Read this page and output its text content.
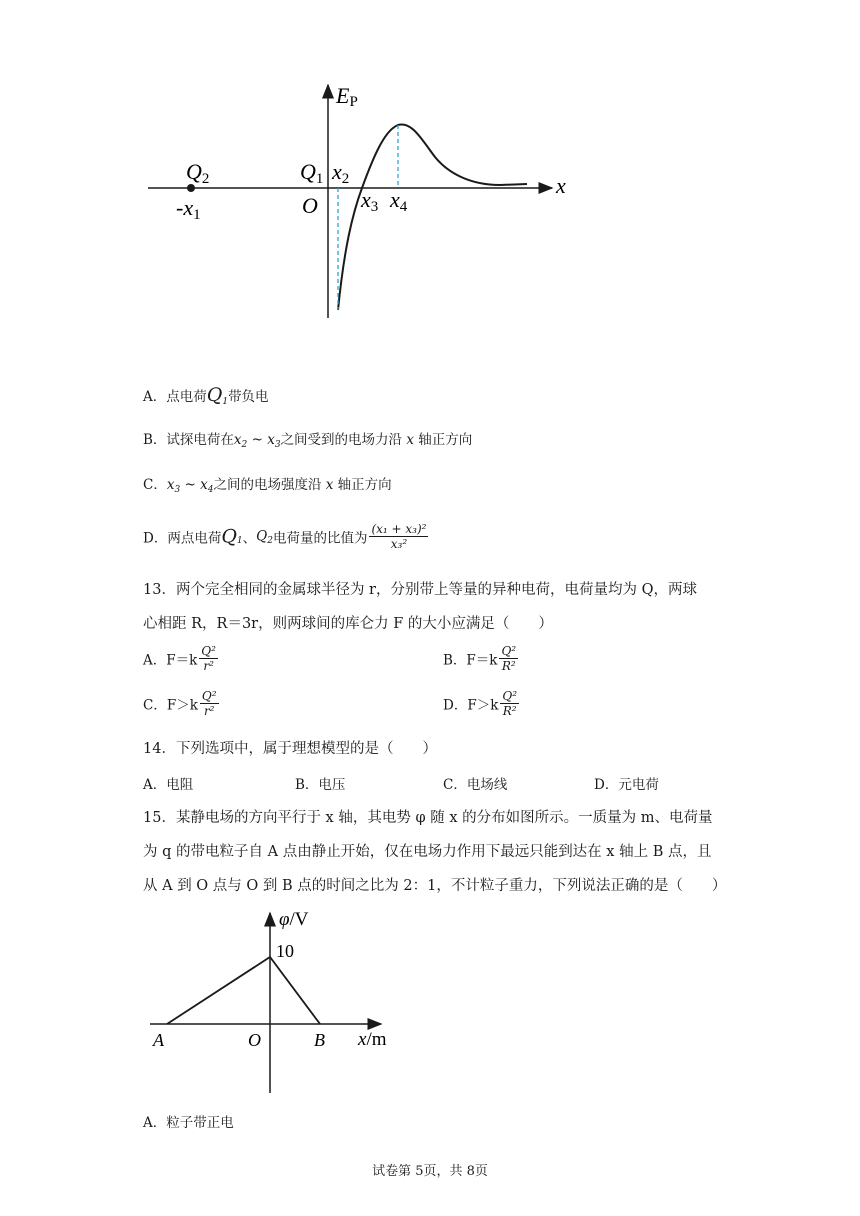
EP
x
Q2
-x1
Q1 x2
O x3 x4
A．点电荷$Q_1$带负电
B．试探电荷在$x_2$ ~ $x_3$之间受到的电场力沿 x 轴正方向
C．$x_3$ ~ $x_4$之间的电场强度沿 x 轴正方向
D．两点电荷$Q_1$、$Q_2$电荷量的比值为 $\frac{\text{(x₁ + x₃)²}}{\text{x₃²}}$
13．两个完全相同的金属球半径为 r，分别带上等量的异种电荷，电荷量均为 Q，两球
心相距 R，R＝3r，则两球间的库仑力 F 的大小应满足（　　）
A．$F=k \frac{\text{Q²}}{\text{r²}}$	B．$F=k \frac{\text{Q²}}{\text{R²}}$
C．$F>k \frac{\text{Q²}}{\text{r²}}$	D．$F>k \frac{\text{Q²}}{\text{R²}}$
14．下列选项中，属于理想模型的是（　　）
A．电阻	B．电压	C．电场线	D．元电荷
15．某静电场的方向平行于 x 轴，其电势 φ 随 x 的分布如图所示。一质量为 m、电荷量
为 q 的带电粒子自 A 点由静止开始，仅在电场力作用下最远只能到达在 x 轴上 B 点，且
从 A 到 O 点与 O 到 B 点的时间之比为 2：1，不计粒子重力，下列说法正确的是（　　）
φ/V
10
x/m
A	O	B
A．粒子带正电
试卷第 5页，共 8页
